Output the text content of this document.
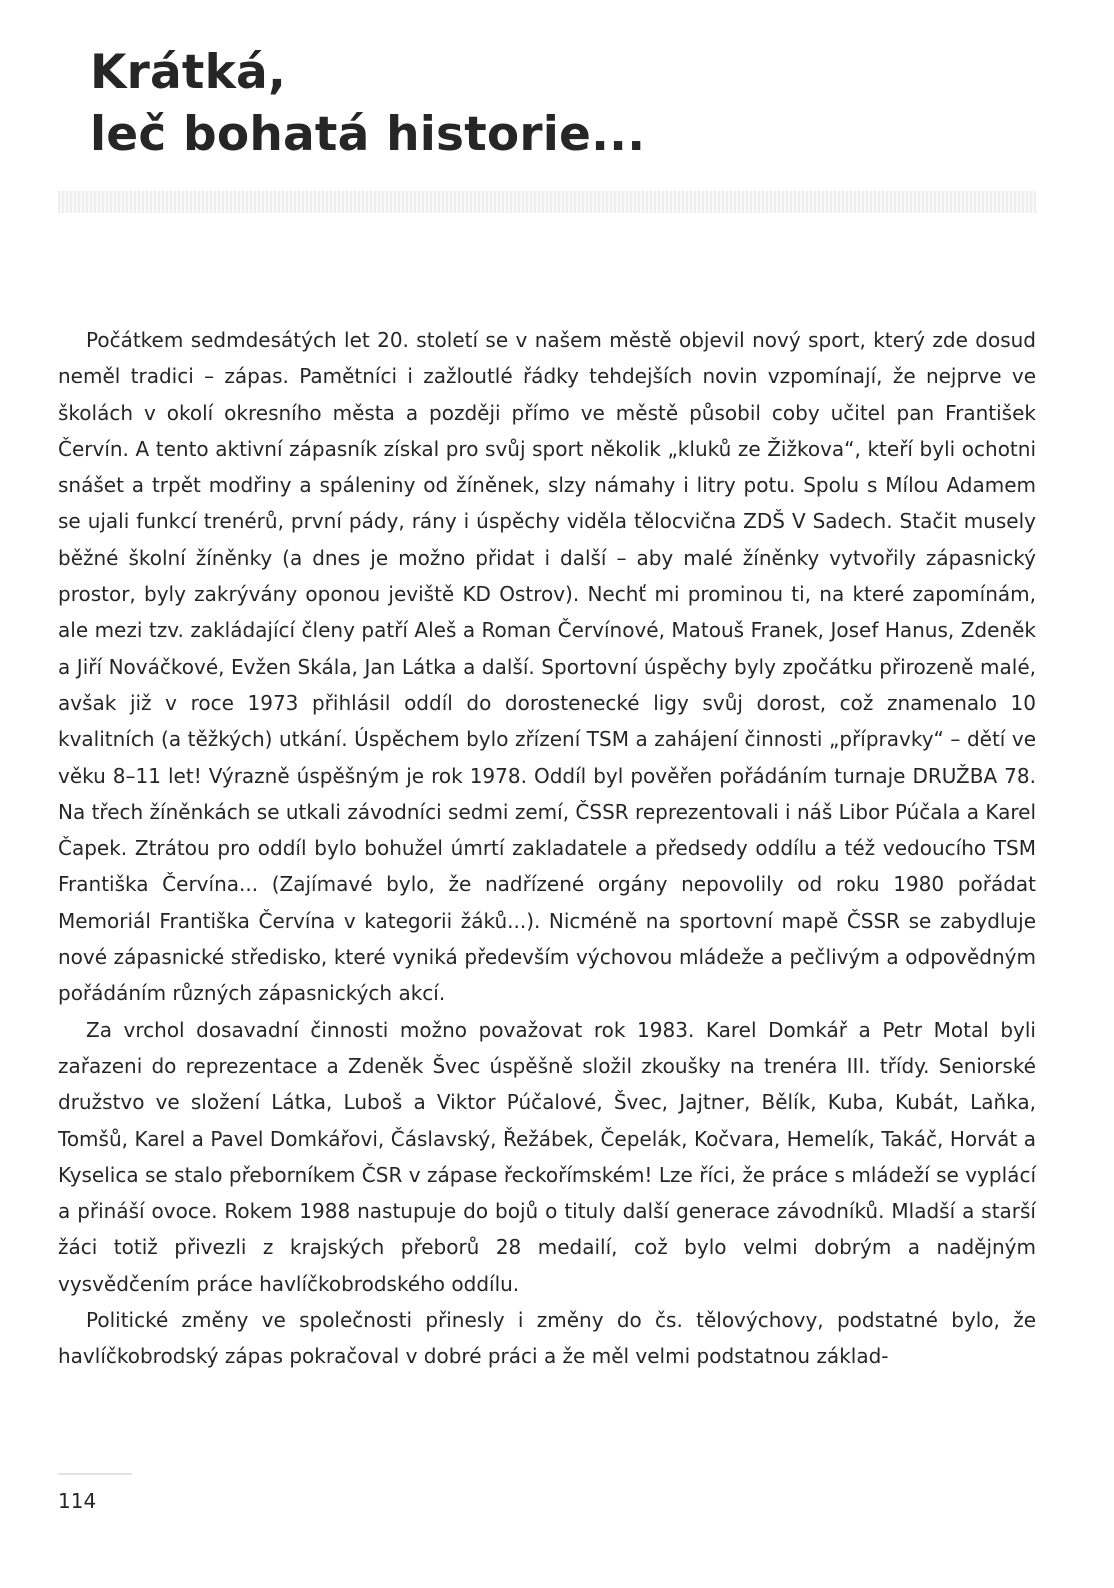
Krátká,
leč bohatá historie...

Počátkem sedmdesátých let 20. století se v našem městě objevil nový sport, který zde dosud neměl tradici – zápas. Pamětníci i zažloutlé řádky tehdejších novin vzpomínají, že nejprve ve školách v okolí okresního města a později přímo ve městě působil coby učitel pan František Červín. A tento aktivní zápasník získal pro svůj sport několik „kluků ze Žižkova“, kteří byli ochotni snášet a trpět modřiny a spáleniny od žíněnek, slzy námahy i litry potu. Spolu s Mílou Adamem se ujali funkcí trenérů, první pády, rány i úspěchy viděla tělocvična ZDŠ V Sadech. Stačit musely běžné školní žíněnky (a dnes je možno přidat i další – aby malé žíněnky vytvořily zápasnický prostor, byly zakrývány oponou jeviště KD Ostrov). Nechť mi prominou ti, na které zapomínám, ale mezi tzv. zakládající členy patří Aleš a Roman Červínové, Matouš Franek, Josef Hanus, Zdeněk a Jiří Nováčkové, Evžen Skála, Jan Látka a další. Sportovní úspěchy byly zpočátku přirozeně malé, avšak již v roce 1973 přihlásil oddíl do dorostenecké ligy svůj dorost, což znamenalo 10 kvalitních (a těžkých) utkání. Úspěchem bylo zřízení TSM a zahájení činnosti „přípravky“ – dětí ve věku 8–11 let! Výrazně úspěšným je rok 1978. Oddíl byl pověřen pořádáním turnaje DRUŽBA 78. Na třech žíněnkách se utkali závodníci sedmi zemí, ČSSR reprezentovali i náš Libor Púčala a Karel Čapek. Ztrátou pro oddíl bylo bohužel úmrtí zakladatele a předsedy oddílu a též vedoucího TSM Františka Červína... (Zajímavé bylo, že nadřízené orgány nepovolily od roku 1980 pořádat Memoriál Františka Červína v kategorii žáků...). Nicméně na sportovní mapě ČSSR se zabydluje nové zápasnické středisko, které vyniká především výchovou mládeže a pečlivým a odpovědným pořádáním různých zápasnických akcí.

Za vrchol dosavadní činnosti možno považovat rok 1983. Karel Domkář a Petr Motal byli zařazeni do reprezentace a Zdeněk Švec úspěšně složil zkoušky na trenéra III. třídy. Seniorské družstvo ve složení Látka, Luboš a Viktor Púčalové, Švec, Jajtner, Bělík, Kuba, Kubát, Laňka, Tomšů, Karel a Pavel Domkářovi, Čáslavský, Řežábek, Čepelák, Kočvara, Hemelík, Takáč, Horvát a Kyselica se stalo přeborníkem ČSR v zápase řeckořímském! Lze říci, že práce s mládeží se vyplácí a přináší ovoce. Rokem 1988 nastupuje do bojů o tituly další generace závodníků. Mladší a starší žáci totiž přivezli z krajských přeborů 28 medailí, což bylo velmi dobrým a nadějným vysvědčením práce havlíčkobrodského oddílu.

Politické změny ve společnosti přinesly i změny do čs. tělovýchovy, podstatné bylo, že havlíčkobrodský zápas pokračoval v dobré práci a že měl velmi podstatnou základ-

114
